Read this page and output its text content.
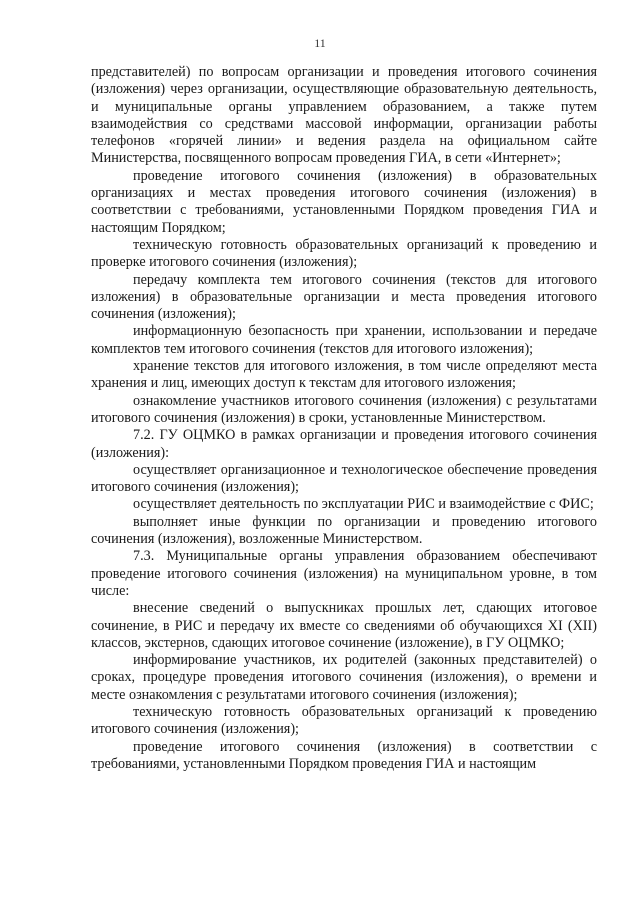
11

представителей) по вопросам организации и проведения итогового сочинения (изложения) через организации, осуществляющие образовательную деятельность, и муниципальные органы управлением образованием, а также путем взаимодействия со средствами массовой информации, организации работы телефонов «горячей линии» и ведения раздела на официальном сайте Министерства, посвященного вопросам проведения ГИА, в сети «Интернет»;

проведение итогового сочинения (изложения) в образовательных организациях и местах проведения итогового сочинения (изложения) в соответствии с требованиями, установленными Порядком проведения ГИА и настоящим Порядком;

техническую готовность образовательных организаций к проведению и проверке итогового сочинения (изложения);

передачу комплекта тем итогового сочинения (текстов для итогового изложения) в образовательные организации и места проведения итогового сочинения (изложения);

информационную безопасность при хранении, использовании и передаче комплектов тем итогового сочинения (текстов для итогового изложения);

хранение текстов для итогового изложения, в том числе определяют места хранения и лиц, имеющих доступ к текстам для итогового изложения;

ознакомление участников итогового сочинения (изложения) с результатами итогового сочинения (изложения) в сроки, установленные Министерством.

7.2. ГУ ОЦМКО в рамках организации и проведения итогового сочинения (изложения):

осуществляет организационное и технологическое обеспечение проведения итогового сочинения (изложения);

осуществляет деятельность по эксплуатации РИС и взаимодействие с ФИС;

выполняет иные функции по организации и проведению итогового сочинения (изложения), возложенные Министерством.

7.3. Муниципальные органы управления образованием обеспечивают проведение итогового сочинения (изложения) на муниципальном уровне, в том числе:

внесение сведений о выпускниках прошлых лет, сдающих итоговое сочинение, в РИС и передачу их вместе со сведениями об обучающихся XI (XII) классов, экстернов, сдающих итоговое сочинение (изложение), в ГУ ОЦМКО;

информирование участников, их родителей (законных представителей) о сроках, процедуре проведения итогового сочинения (изложения), о времени и месте ознакомления с результатами итогового сочинения (изложения);

техническую готовность образовательных организаций к проведению итогового сочинения (изложения);

проведение итогового сочинения (изложения) в соответствии с требованиями, установленными Порядком проведения ГИА и настоящим
